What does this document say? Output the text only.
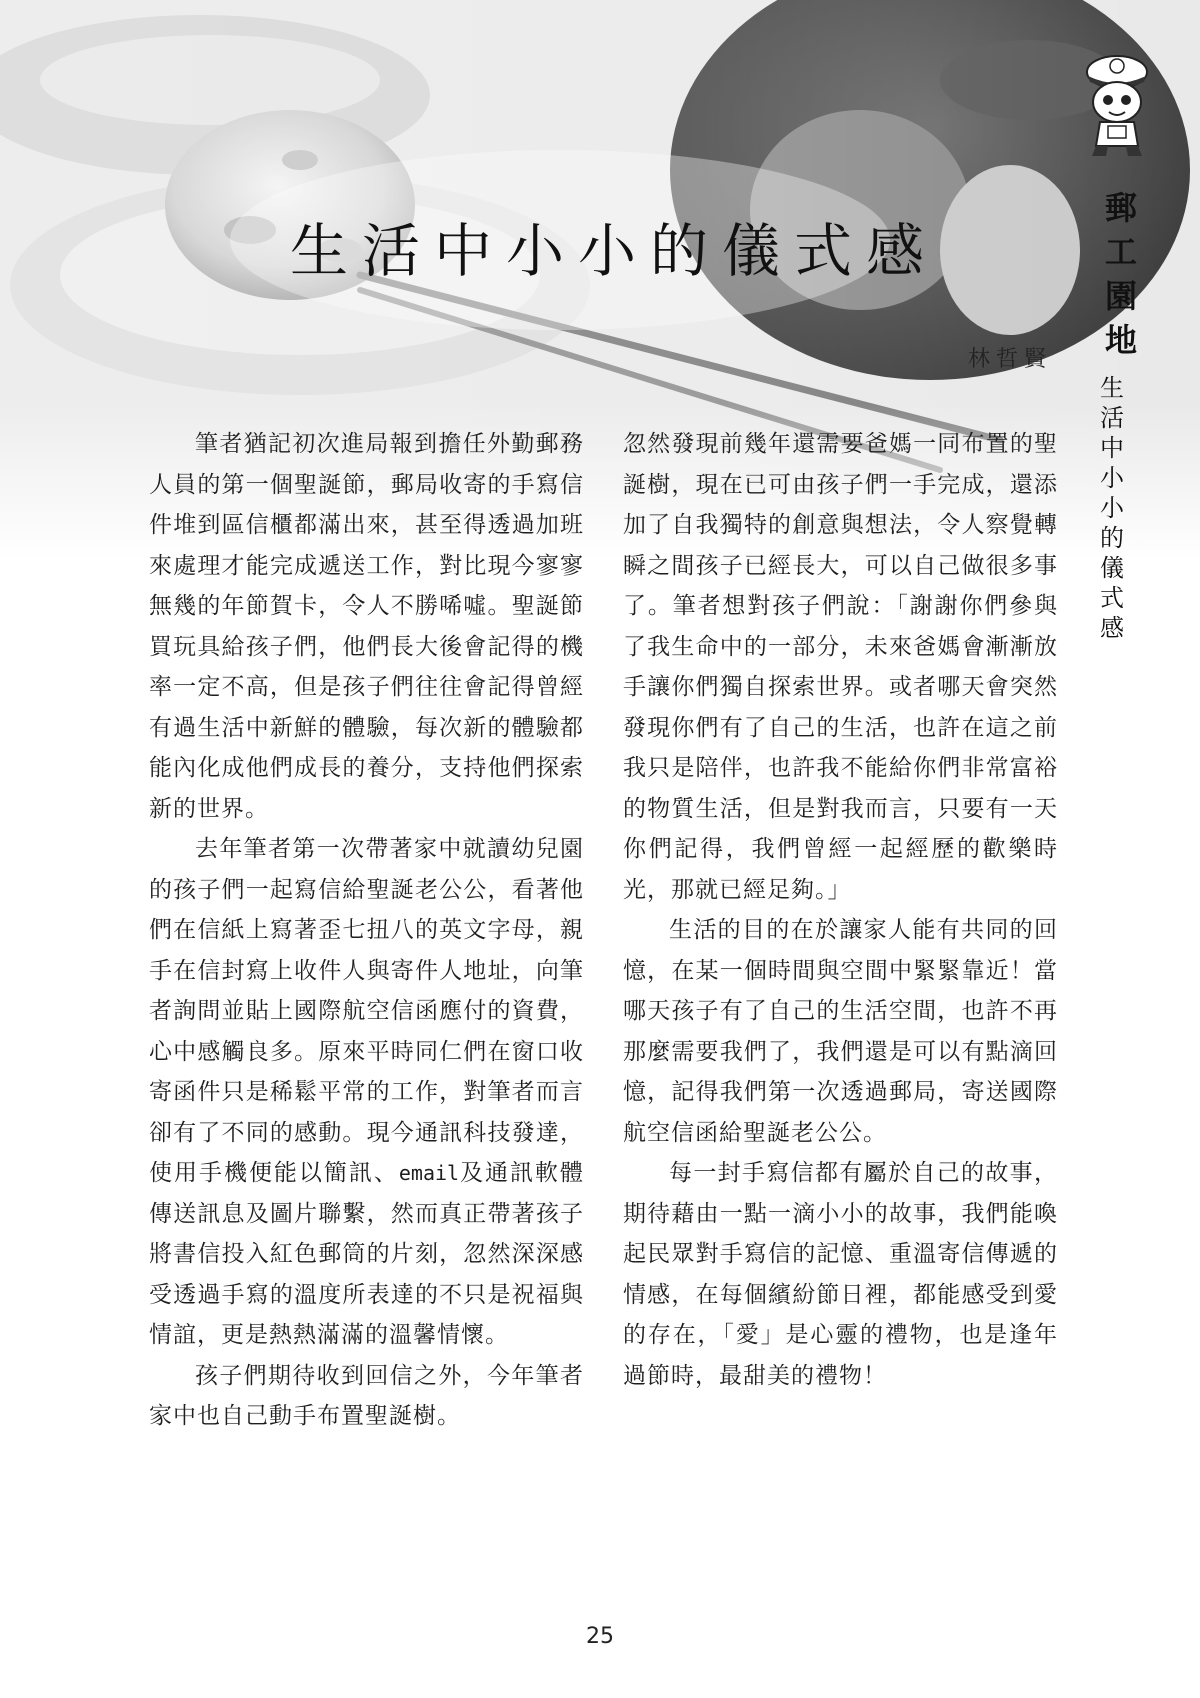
生活中小小的儀式感
林哲賢
郵
工
園
地
生
活
中
小
小
的
儀
式
感

筆者猶記初次進局報到擔任外勤郵務人員的第一個聖誕節，郵局收寄的手寫信件堆到區信櫃都滿出來，甚至得透過加班來處理才能完成遞送工作，對比現今寥寥無幾的年節賀卡，令人不勝唏噓。聖誕節買玩具給孩子們，他們長大後會記得的機率一定不高，但是孩子們往往會記得曾經有過生活中新鮮的體驗，每次新的體驗都能內化成他們成長的養分，支持他們探索新的世界。

去年筆者第一次帶著家中就讀幼兒園的孩子們一起寫信給聖誕老公公，看著他們在信紙上寫著歪七扭八的英文字母，親手在信封寫上收件人與寄件人地址，向筆者詢問並貼上國際航空信函應付的資費，心中感觸良多。原來平時同仁們在窗口收寄函件只是稀鬆平常的工作，對筆者而言卻有了不同的感動。現今通訊科技發達，使用手機便能以簡訊、email及通訊軟體傳送訊息及圖片聯繫，然而真正帶著孩子將書信投入紅色郵筒的片刻，忽然深深感受透過手寫的溫度所表達的不只是祝福與情誼，更是熱熱滿滿的溫馨情懷。

孩子們期待收到回信之外，今年筆者家中也自己動手布置聖誕樹。

忽然發現前幾年還需要爸媽一同布置的聖誕樹，現在已可由孩子們一手完成，還添加了自我獨特的創意與想法，令人察覺轉瞬之間孩子已經長大，可以自己做很多事了。筆者想對孩子們說：「謝謝你們參與了我生命中的一部分，未來爸媽會漸漸放手讓你們獨自探索世界。或者哪天會突然發現你們有了自己的生活，也許在這之前我只是陪伴，也許我不能給你們非常富裕的物質生活，但是對我而言，只要有一天你們記得，我們曾經一起經歷的歡樂時光，那就已經足夠。」

生活的目的在於讓家人能有共同的回憶，在某一個時間與空間中緊緊靠近！當哪天孩子有了自己的生活空間，也許不再那麼需要我們了，我們還是可以有點滴回憶，記得我們第一次透過郵局，寄送國際航空信函給聖誕老公公。

每一封手寫信都有屬於自己的故事，期待藉由一點一滴小小的故事，我們能喚起民眾對手寫信的記憶、重溫寄信傳遞的情感，在每個繽紛節日裡，都能感受到愛的存在，「愛」是心靈的禮物，也是逢年過節時，最甜美的禮物！

25
